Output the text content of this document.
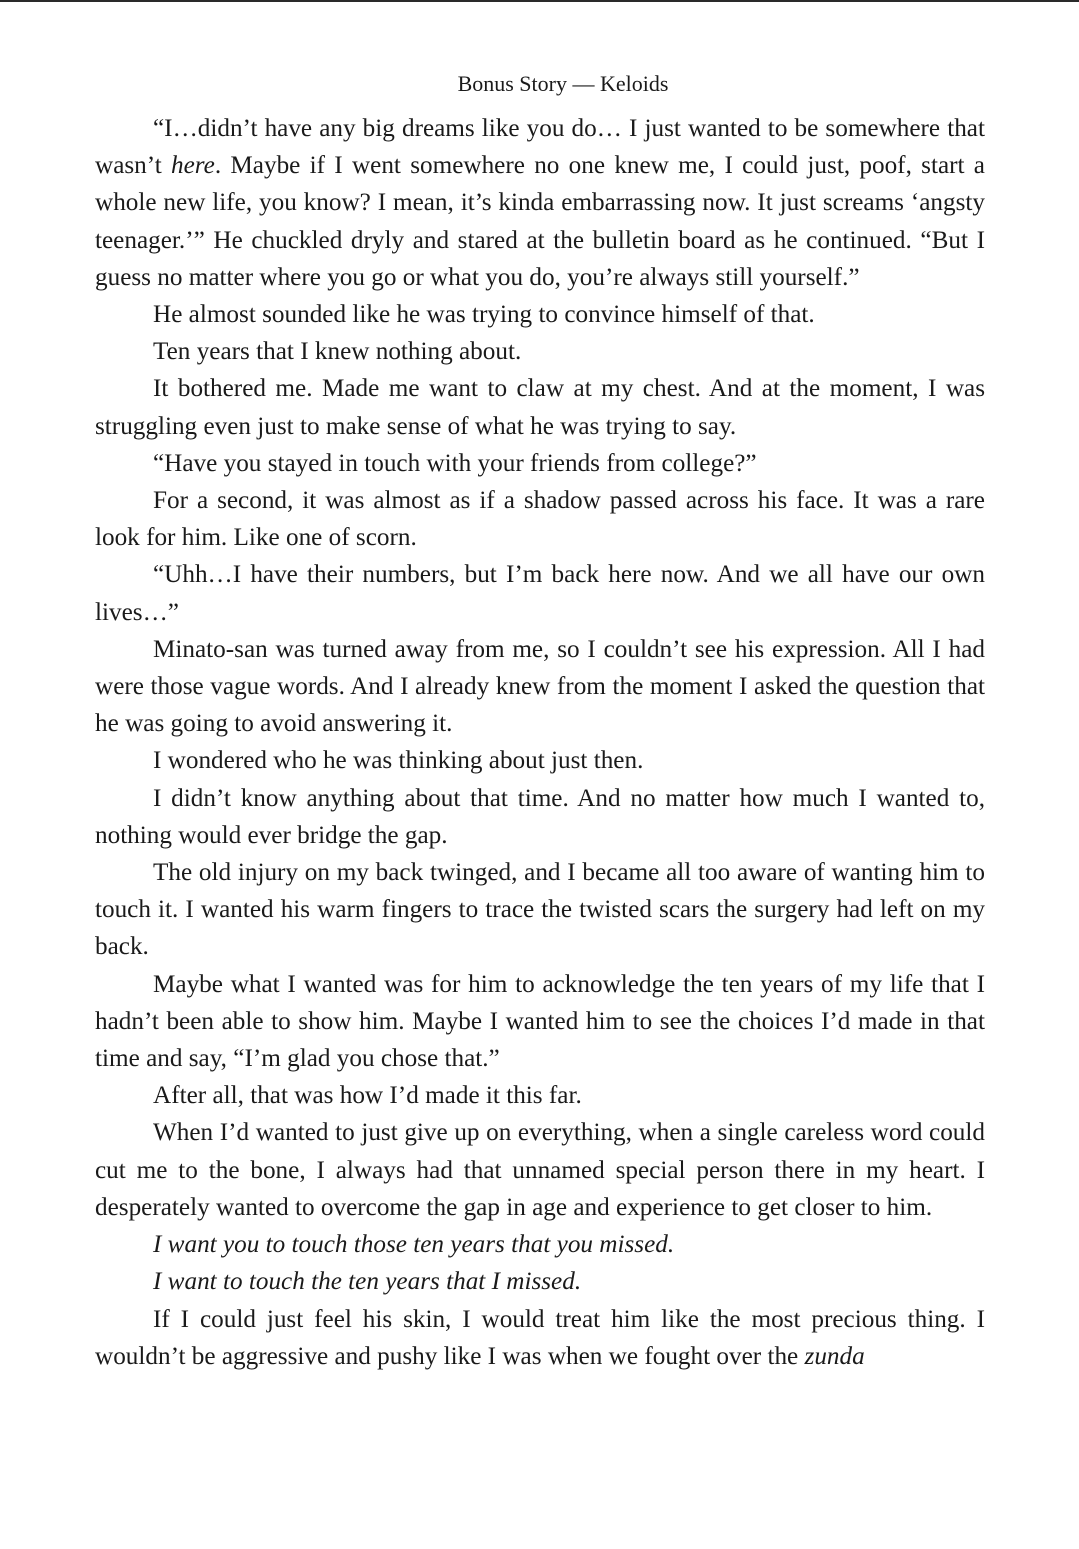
Bonus Story — Keloids

“I…didn’t have any big dreams like you do… I just wanted to be somewhere that wasn’t here. Maybe if I went somewhere no one knew me, I could just, poof, start a whole new life, you know? I mean, it’s kinda embarrassing now. It just screams ‘angsty teenager.’” He chuckled dryly and stared at the bulletin board as he continued. “But I guess no matter where you go or what you do, you’re always still yourself.”

He almost sounded like he was trying to convince himself of that.

Ten years that I knew nothing about.

It bothered me. Made me want to claw at my chest. And at the moment, I was struggling even just to make sense of what he was trying to say.

“Have you stayed in touch with your friends from college?”

For a second, it was almost as if a shadow passed across his face. It was a rare look for him. Like one of scorn.

“Uhh…I have their numbers, but I’m back here now. And we all have our own lives…”

Minato-san was turned away from me, so I couldn’t see his expression. All I had were those vague words. And I already knew from the moment I asked the question that he was going to avoid answering it.

I wondered who he was thinking about just then.

I didn’t know anything about that time. And no matter how much I wanted to, nothing would ever bridge the gap.

The old injury on my back twinged, and I became all too aware of wanting him to touch it. I wanted his warm fingers to trace the twisted scars the surgery had left on my back.

Maybe what I wanted was for him to acknowledge the ten years of my life that I hadn’t been able to show him. Maybe I wanted him to see the choices I’d made in that time and say, “I’m glad you chose that.”

After all, that was how I’d made it this far.

When I’d wanted to just give up on everything, when a single careless word could cut me to the bone, I always had that unnamed special person there in my heart. I desperately wanted to overcome the gap in age and experience to get closer to him.

I want you to touch those ten years that you missed.

I want to touch the ten years that I missed.

If I could just feel his skin, I would treat him like the most precious thing. I wouldn’t be aggressive and pushy like I was when we fought over the zunda
